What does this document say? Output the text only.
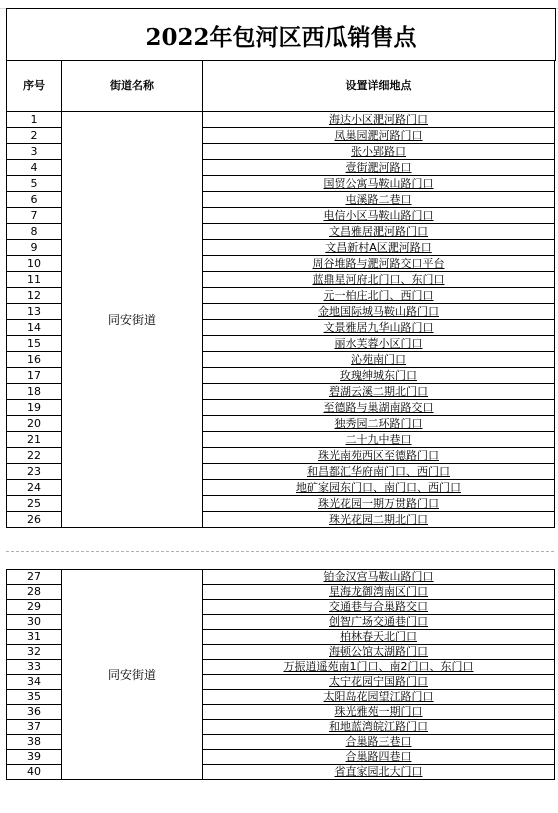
2022年包河区西瓜销售点
序号	街道名称	设置详细地点
1	同安街道	海达小区淝河路门口
2		凤巢园淝河路门口
3		张小郢路口
4		壹街淝河路口
5		国贸公寓马鞍山路门口
6		屯溪路二巷口
7		电信小区马鞍山路门口
8		文昌雅居淝河路门口
9		文昌新村A区淝河路口
10		周谷堆路与淝河路交口平台
11		蓝鼎星河府北门口、东门口
12		元一柏庄北门、西门口
13		金地国际城马鞍山路门口
14		文景雅居九华山路门口
15		丽水芙蓉小区门口
16		沁苑南门口
17		玫瑰绅城东门口
18		碧湖云溪二期北门口
19		至德路与巢湖南路交口
20		独秀园二环路门口
21		二十九中巷口
22		珠光南苑西区至德路门口
23		和昌都汇华府南门口、西门口
24		地矿家园东门口、南门口、西门口
25		珠光花园一期万贯路门口
26		珠光花园二期北门口
27	同安街道	铂金汉宫马鞍山路门口
28		星海龙御湾南区门口
29		交通巷与合巢路交口
30		创智广场交通巷门口
31		柏林春天北门口
32		海顿公馆太湖路门口
33		万振逍遥苑南1门口、南2门口、东门口
34		太宁花园宁国路门口
35		太阳岛花园望江路门口
36		珠光雅苑一期门口
37		和地蓝湾皖江路门口
38		合巢路三巷口
39		合巢路四巷口
40		省直家园北大门口
